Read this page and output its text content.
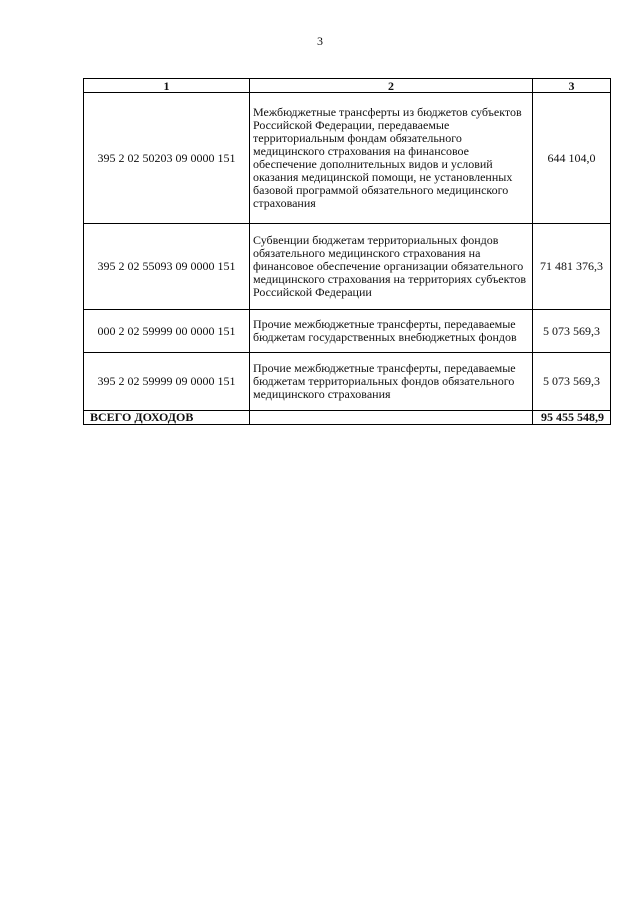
3
1	2	3
395 2 02 50203 09 0000 151	Межбюджетные трансферты из бюджетов субъектов Российской Федерации, передаваемые территориальным фондам обязательного медицинского страхования на финансовое обеспечение дополнительных видов и условий оказания медицинской помощи, не установленных базовой программой обязательного медицинского страхования	644 104,0
395 2 02 55093 09 0000 151	Субвенции бюджетам территориальных фондов обязательного медицинского страхования на финансовое обеспечение организации обязательного медицинского страхования на территориях субъектов Российской Федерации	71 481 376,3
000 2 02 59999 00 0000 151	Прочие межбюджетные трансферты, передаваемые бюджетам государственных внебюджетных фондов	5 073 569,3
395 2 02 59999 09 0000 151	Прочие межбюджетные трансферты, передаваемые бюджетам территориальных фондов обязательного медицинского страхования	5 073 569,3
ВСЕГО ДОХОДОВ		95 455 548,9
